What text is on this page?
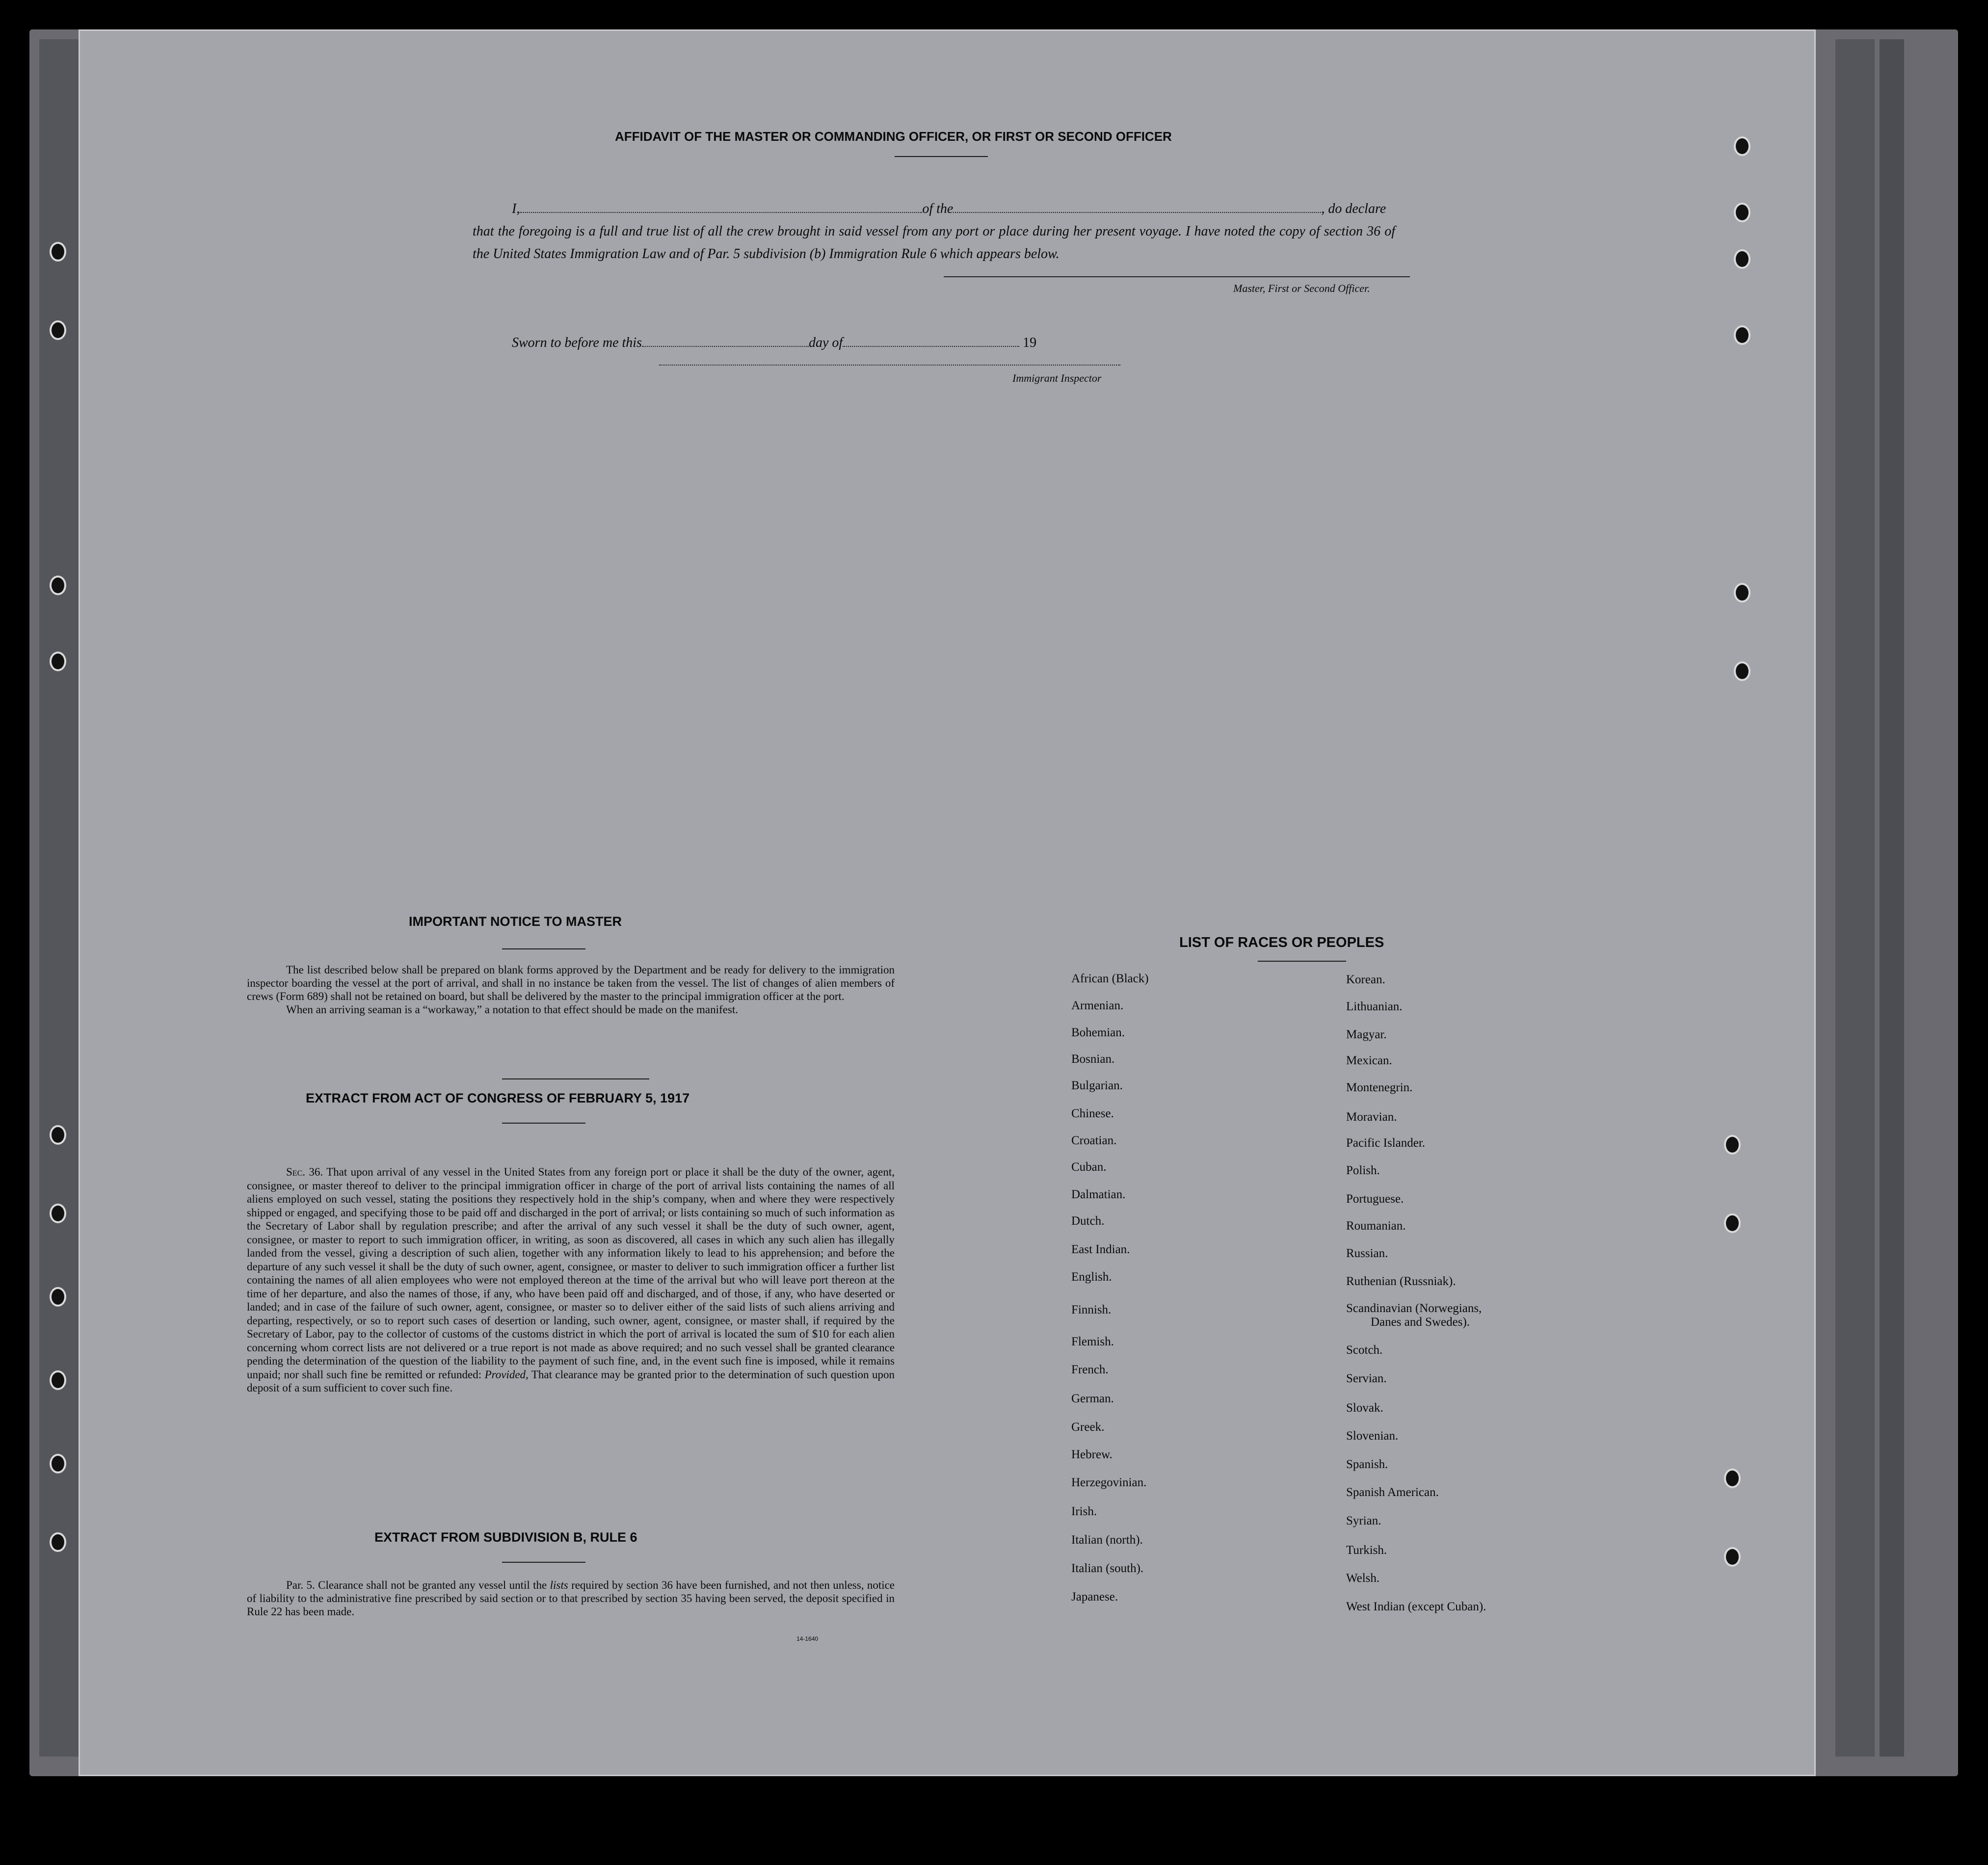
AFFIDAVIT OF THE MASTER OR COMMANDING OFFICER, OR FIRST OR SECOND OFFICER
I,	of the	, do declare
that the foregoing is a full and true list of all the crew brought in said vessel from any port or place during her present voyage. I have noted the copy of section 36 of the United States Immigration Law and of Par. 5 subdivision (b) Immigration Rule 6 which appears below.
Master, First or Second Officer.
Sworn to before me this	day of	19
Immigrant Inspector
IMPORTANT NOTICE TO MASTER

The list described below shall be prepared on blank forms approved by the Department and be ready for delivery to the immigration inspector boarding the vessel at the port of arrival, and shall in no instance be taken from the vessel. The list of changes of alien members of crews (Form 689) shall not be retained on board, but shall be delivered by the master to the principal immigration officer at the port.

When an arriving seaman is a “workaway,” a notation to that effect should be made on the manifest.

EXTRACT FROM ACT OF CONGRESS OF FEBRUARY 5, 1917

Sec. 36. That upon arrival of any vessel in the United States from any foreign port or place it shall be the duty of the owner, agent, consignee, or master thereof to deliver to the principal immigration officer in charge of the port of arrival lists containing the names of all aliens employed on such vessel, stating the positions they respectively hold in the ship’s company, when and where they were respectively shipped or engaged, and specifying those to be paid off and discharged in the port of arrival; or lists containing so much of such information as the Secretary of Labor shall by regulation prescribe; and after the arrival of any such vessel it shall be the duty of such owner, agent, consignee, or master to report to such immigration officer, in writing, as soon as discovered, all cases in which any such alien has illegally landed from the vessel, giving a description of such alien, together with any information likely to lead to his apprehension; and before the departure of any such vessel it shall be the duty of such owner, agent, consignee, or master to deliver to such immigration officer a further list containing the names of all alien employees who were not employed thereon at the time of the arrival but who will leave port thereon at the time of her departure, and also the names of those, if any, who have been paid off and discharged, and of those, if any, who have deserted or landed; and in case of the failure of such owner, agent, consignee, or master so to deliver either of the said lists of such aliens arriving and departing, respectively, or so to report such cases of desertion or landing, such owner, agent, consignee, or master shall, if required by the Secretary of Labor, pay to the collector of customs of the customs district in which the port of arrival is located the sum of $10 for each alien concerning whom correct lists are not delivered or a true report is not made as above required; and no such vessel shall be granted clearance pending the determination of the question of the liability to the payment of such fine, and, in the event such fine is imposed, while it remains unpaid; nor shall such fine be remitted or refunded: Provided, That clearance may be granted prior to the determination of such question upon deposit of a sum sufficient to cover such fine.

EXTRACT FROM SUBDIVISION B, RULE 6

Par. 5. Clearance shall not be granted any vessel until the lists required by section 36 have been furnished, and not then unless, notice of liability to the administrative fine prescribed by said section or to that prescribed by section 35 having been served, the deposit specified in Rule 22 has been made.

14-1640
LIST OF RACES OR PEOPLES
African (Black)
Armenian.
Bohemian.
Bosnian.
Bulgarian.
Chinese.
Croatian.
Cuban.
Dalmatian.
Dutch.
East Indian.
English.
Finnish.
Flemish.
French.
German.
Greek.
Hebrew.
Herzegovinian.
Irish.
Italian (north).
Italian (south).
Japanese.
Korean.
Lithuanian.
Magyar.
Mexican.
Montenegrin.
Moravian.
Pacific Islander.
Polish.
Portuguese.
Roumanian.
Russian.
Ruthenian (Russniak).
Scandinavian (Norwegians,
Danes and Swedes).
Scotch.
Servian.
Slovak.
Slovenian.
Spanish.
Spanish American.
Syrian.
Turkish.
Welsh.
West Indian (except Cuban).
